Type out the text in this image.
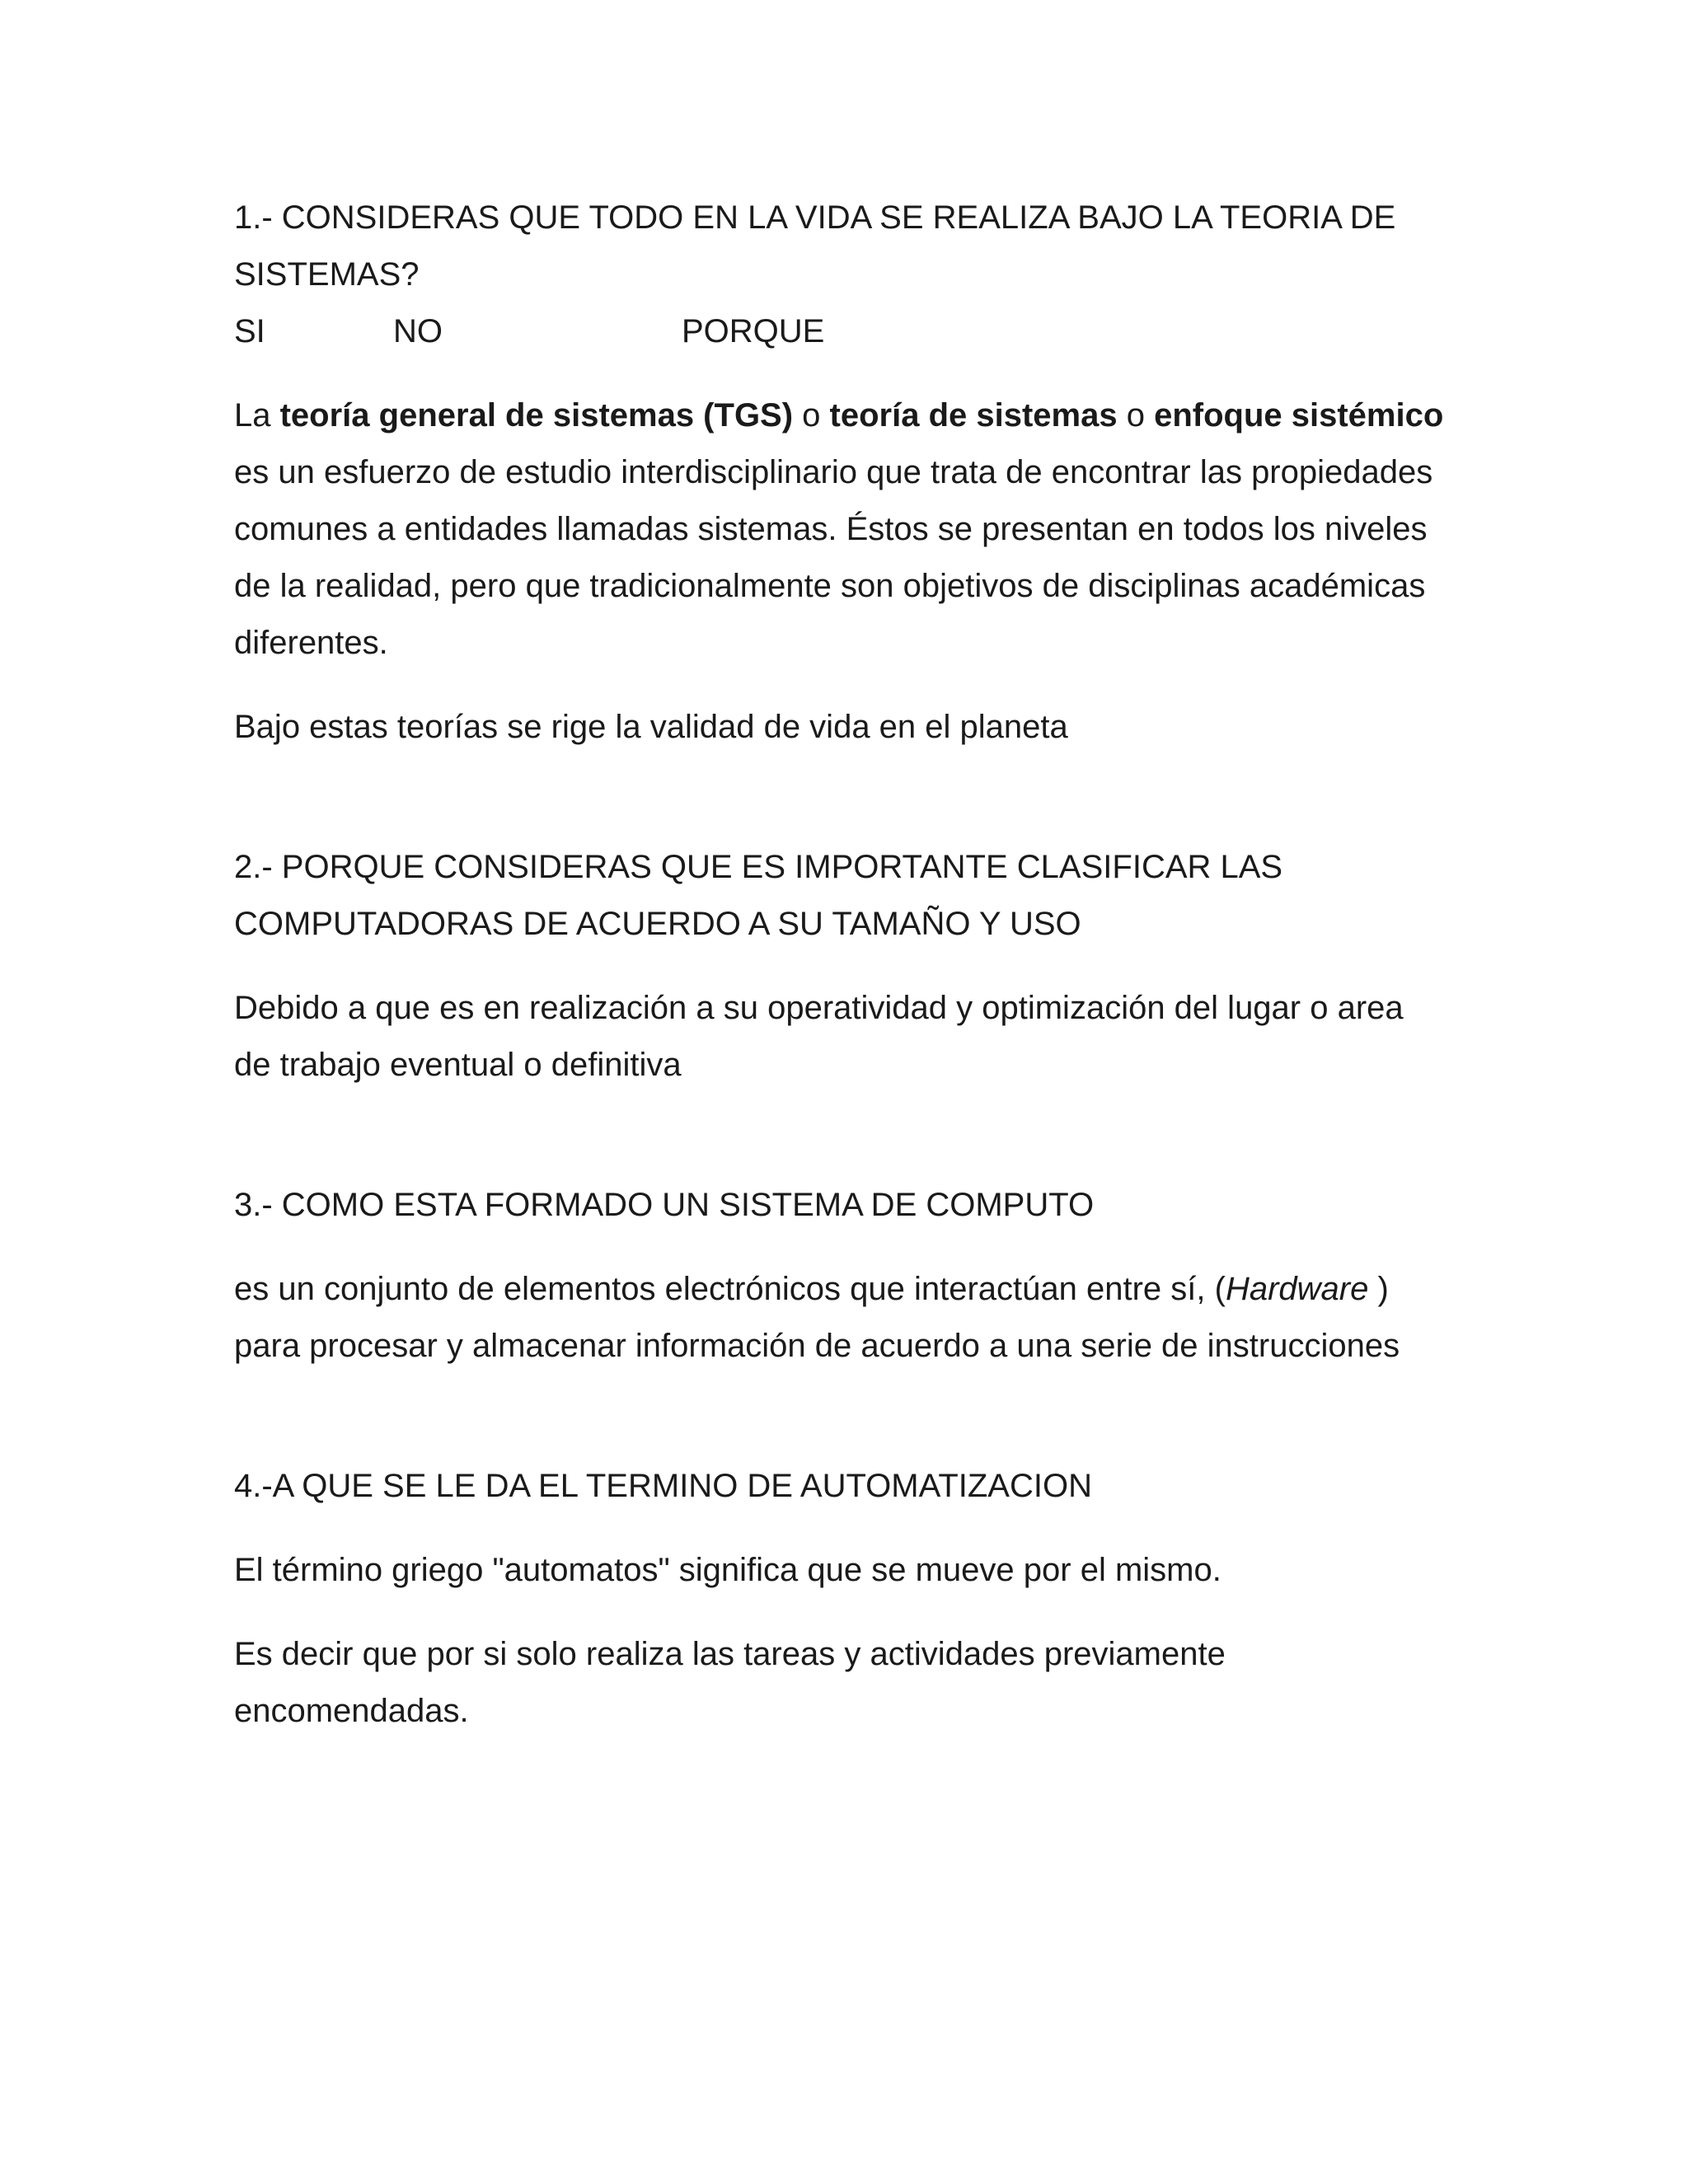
1.- CONSIDERAS QUE TODO EN LA VIDA SE REALIZA BAJO LA TEORIA DE
SISTEMAS?

SI	NO	PORQUE

La teoría general de sistemas (TGS) o teoría de sistemas o enfoque sistémico
es un esfuerzo de estudio interdisciplinario que trata de encontrar las propiedades
comunes a entidades llamadas sistemas. Éstos se presentan en todos los niveles
de la realidad, pero que tradicionalmente son objetivos de disciplinas académicas
diferentes.

Bajo estas teorías se rige la validad de vida en el planeta

2.- PORQUE CONSIDERAS QUE ES IMPORTANTE CLASIFICAR LAS
COMPUTADORAS DE ACUERDO A SU TAMAÑO Y USO

Debido a que es en realización a su operatividad y optimización del lugar o area
de trabajo eventual o definitiva

3.- COMO ESTA FORMADO UN SISTEMA DE COMPUTO

es un conjunto de elementos electrónicos que interactúan entre sí, (Hardware )
para procesar y almacenar información de acuerdo a una serie de instrucciones

4.-A QUE SE LE DA EL TERMINO DE AUTOMATIZACION

El término griego "automatos" significa que se mueve por el mismo.

Es decir que por si solo realiza las tareas y actividades previamente
encomendadas.
